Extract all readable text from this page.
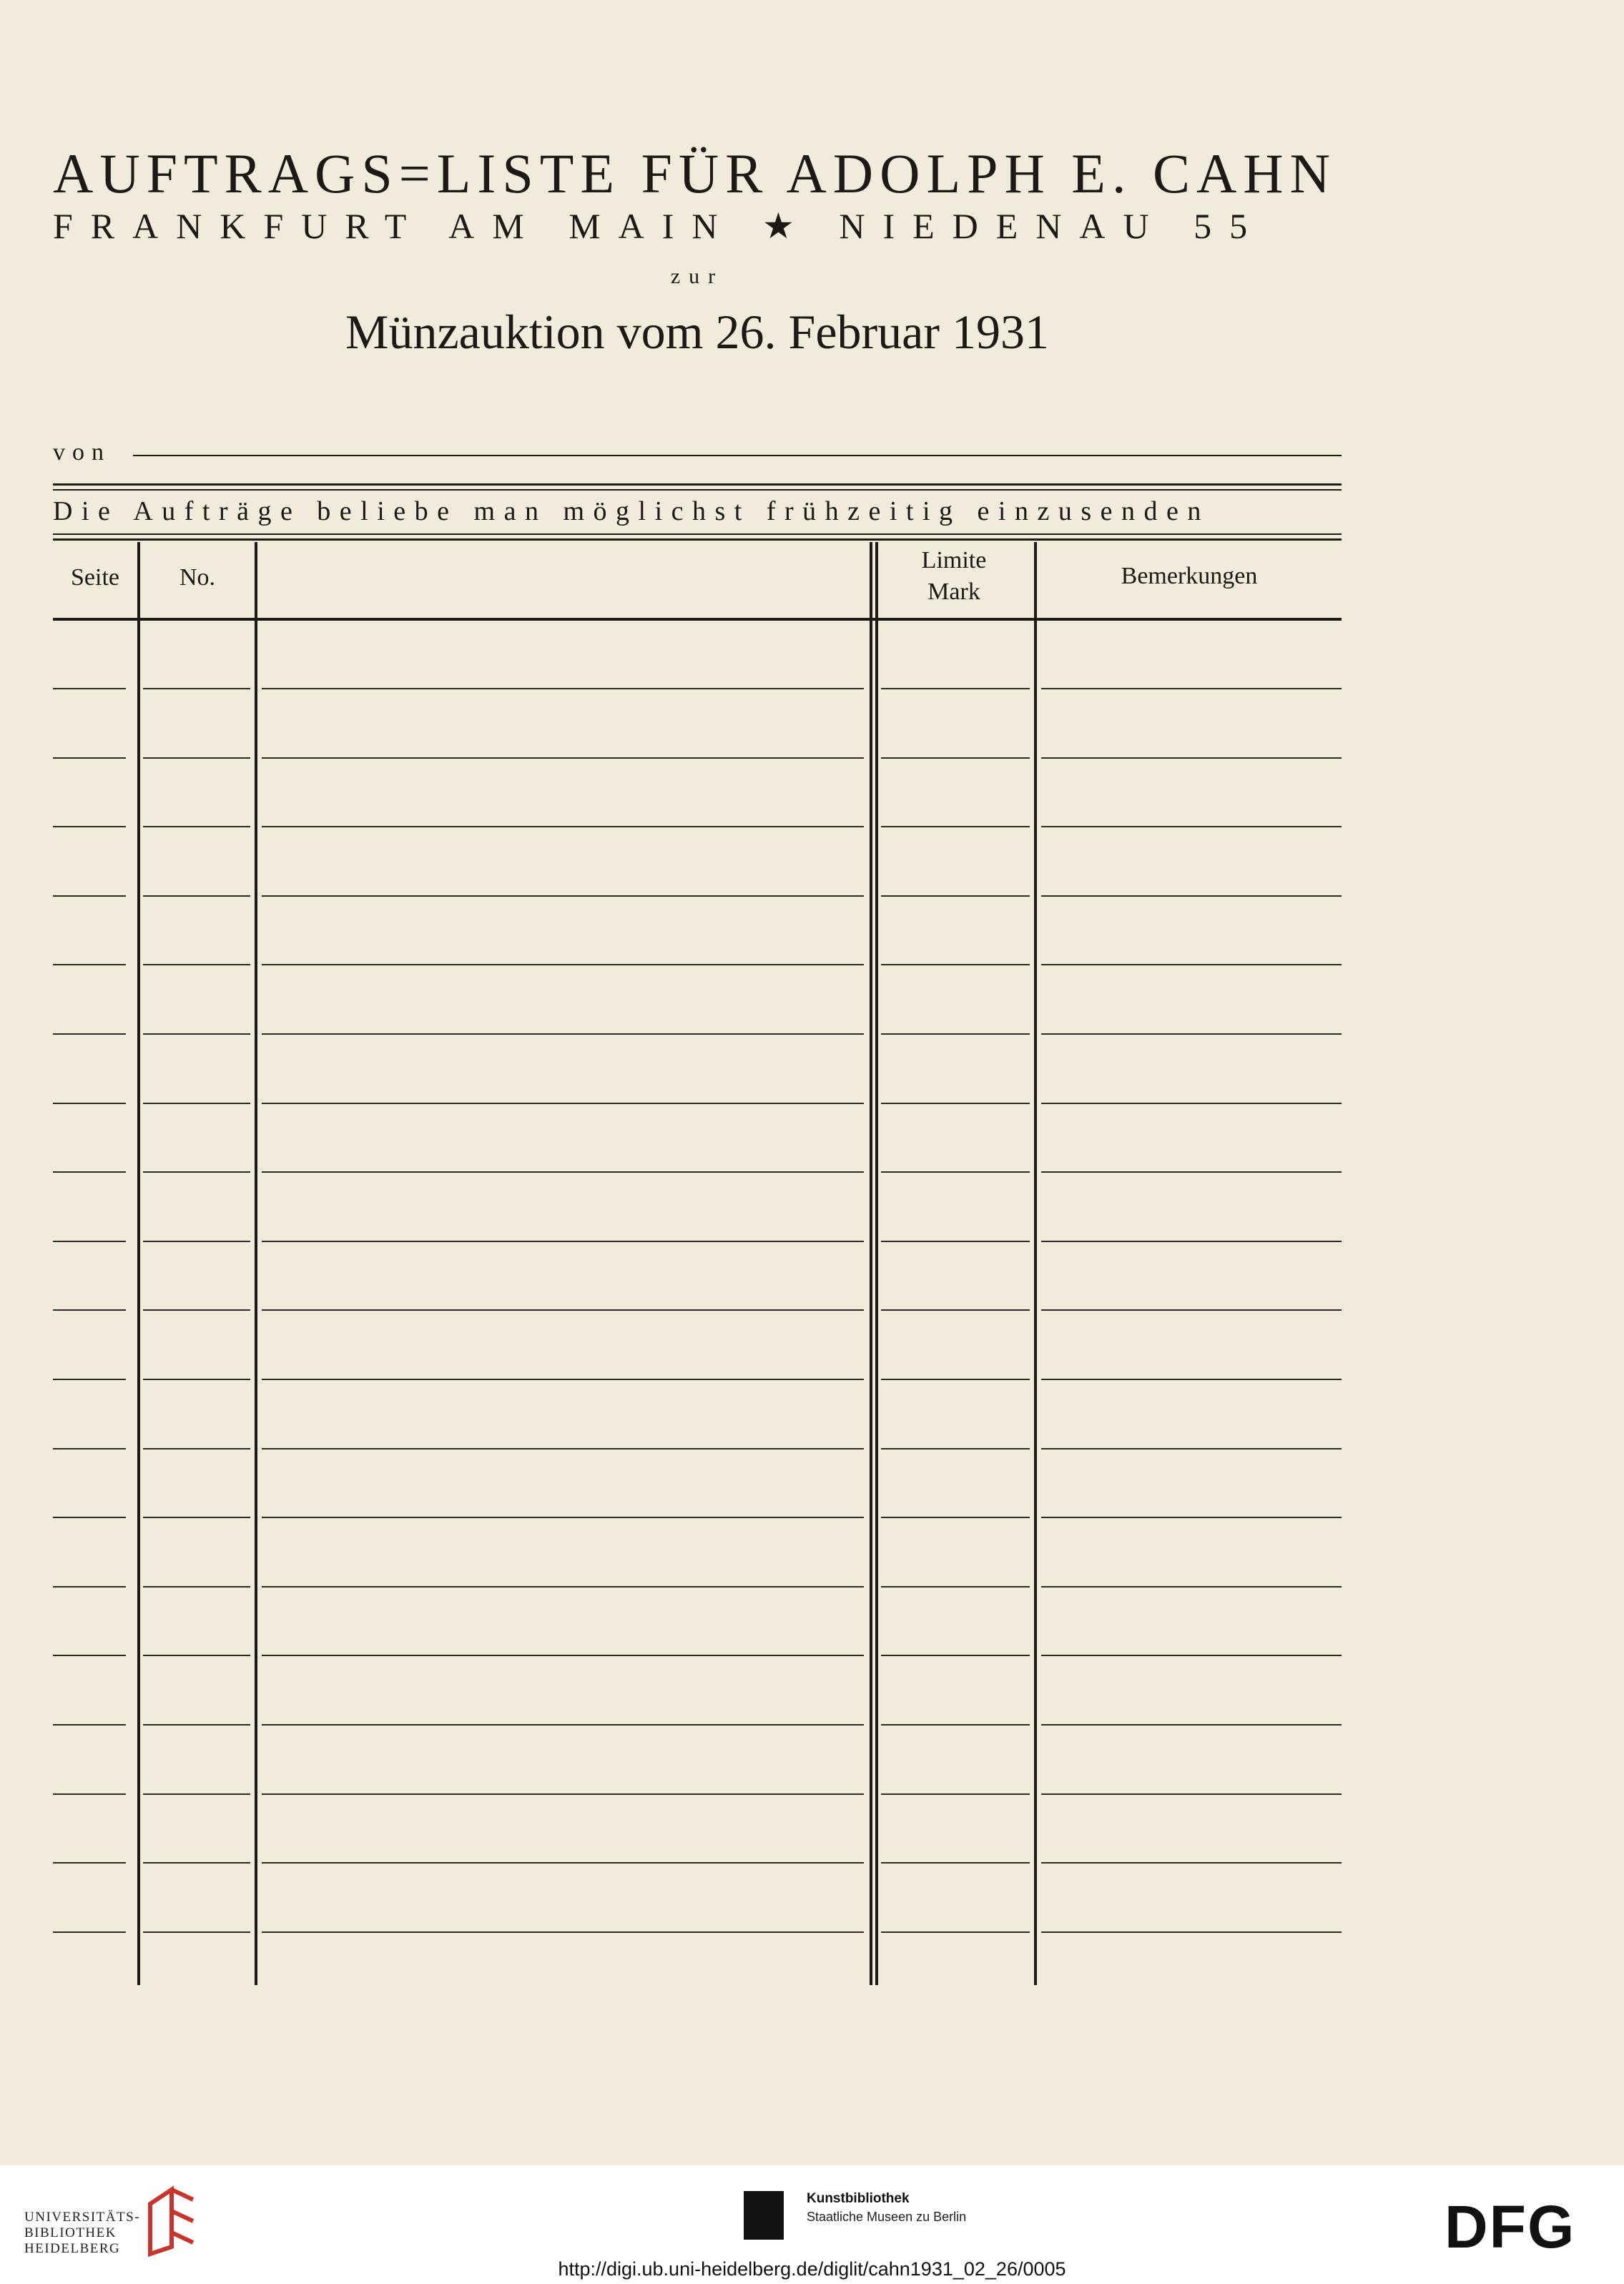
AUFTRAGS=LISTE FÜR ADOLPH E. CAHN
FRANKFURT AM MAIN ★ NIEDENAU 55
zur
Münzauktion vom 26. Februar 1931
von
Die Aufträge beliebe man möglichst frühzeitig einzusenden
Seite	No.
Limite
Mark
Bemerkungen
UNIVERSITÄTS-
BIBLIOTHEK
HEIDELBERG
Kunstbibliothek
Staatliche Museen zu Berlin	DFG
http://digi.ub.uni-heidelberg.de/diglit/cahn1931_02_26/0005
